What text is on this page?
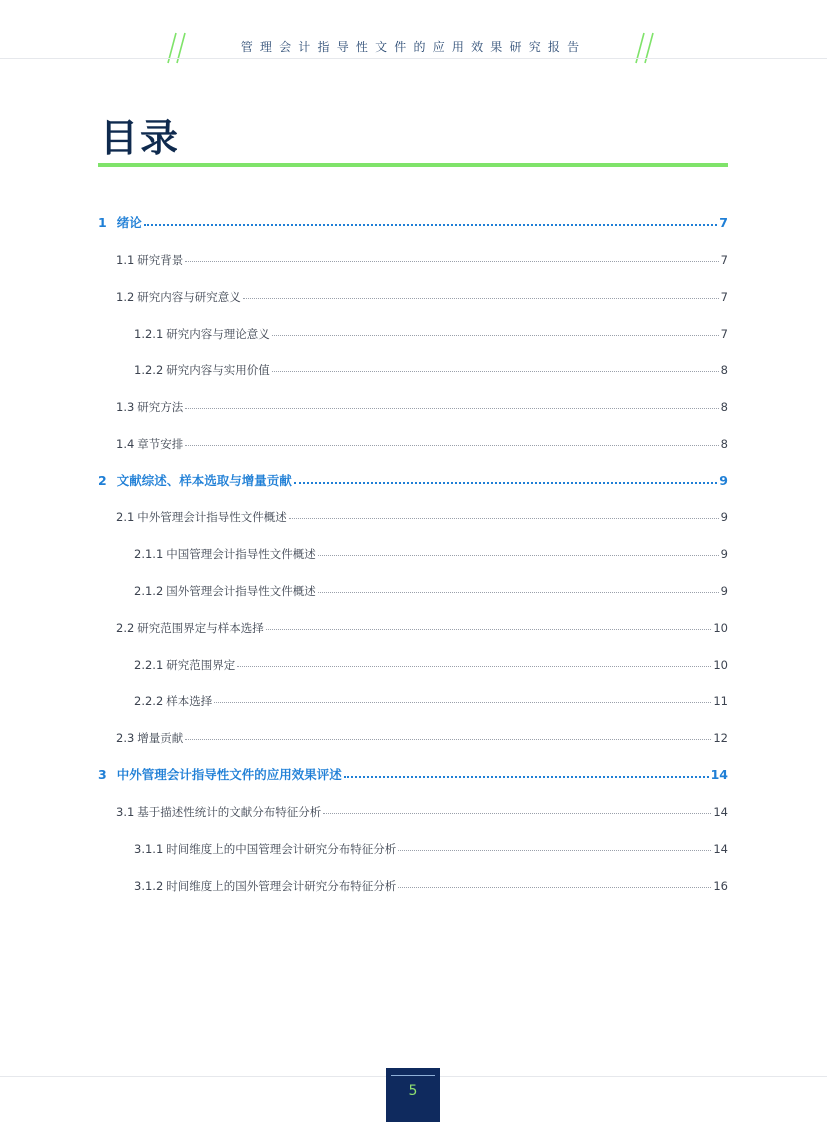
管理会计指导性文件的应用效果研究报告
目录
1 绪论	7
1.1 研究背景	7
1.2 研究内容与研究意义	7
1.2.1 研究内容与理论意义	7
1.2.2 研究内容与实用价值	8
1.3 研究方法	8
1.4 章节安排	8
2 文献综述、样本选取与增量贡献	9
2.1 中外管理会计指导性文件概述	9
2.1.1 中国管理会计指导性文件概述	9
2.1.2 国外管理会计指导性文件概述	9
2.2 研究范围界定与样本选择	10
2.2.1 研究范围界定	10
2.2.2 样本选择	11
2.3 增量贡献	12
3 中外管理会计指导性文件的应用效果评述	14
3.1 基于描述性统计的文献分布特征分析	14
3.1.1 时间维度上的中国管理会计研究分布特征分析	14
3.1.2 时间维度上的国外管理会计研究分布特征分析	16
5
